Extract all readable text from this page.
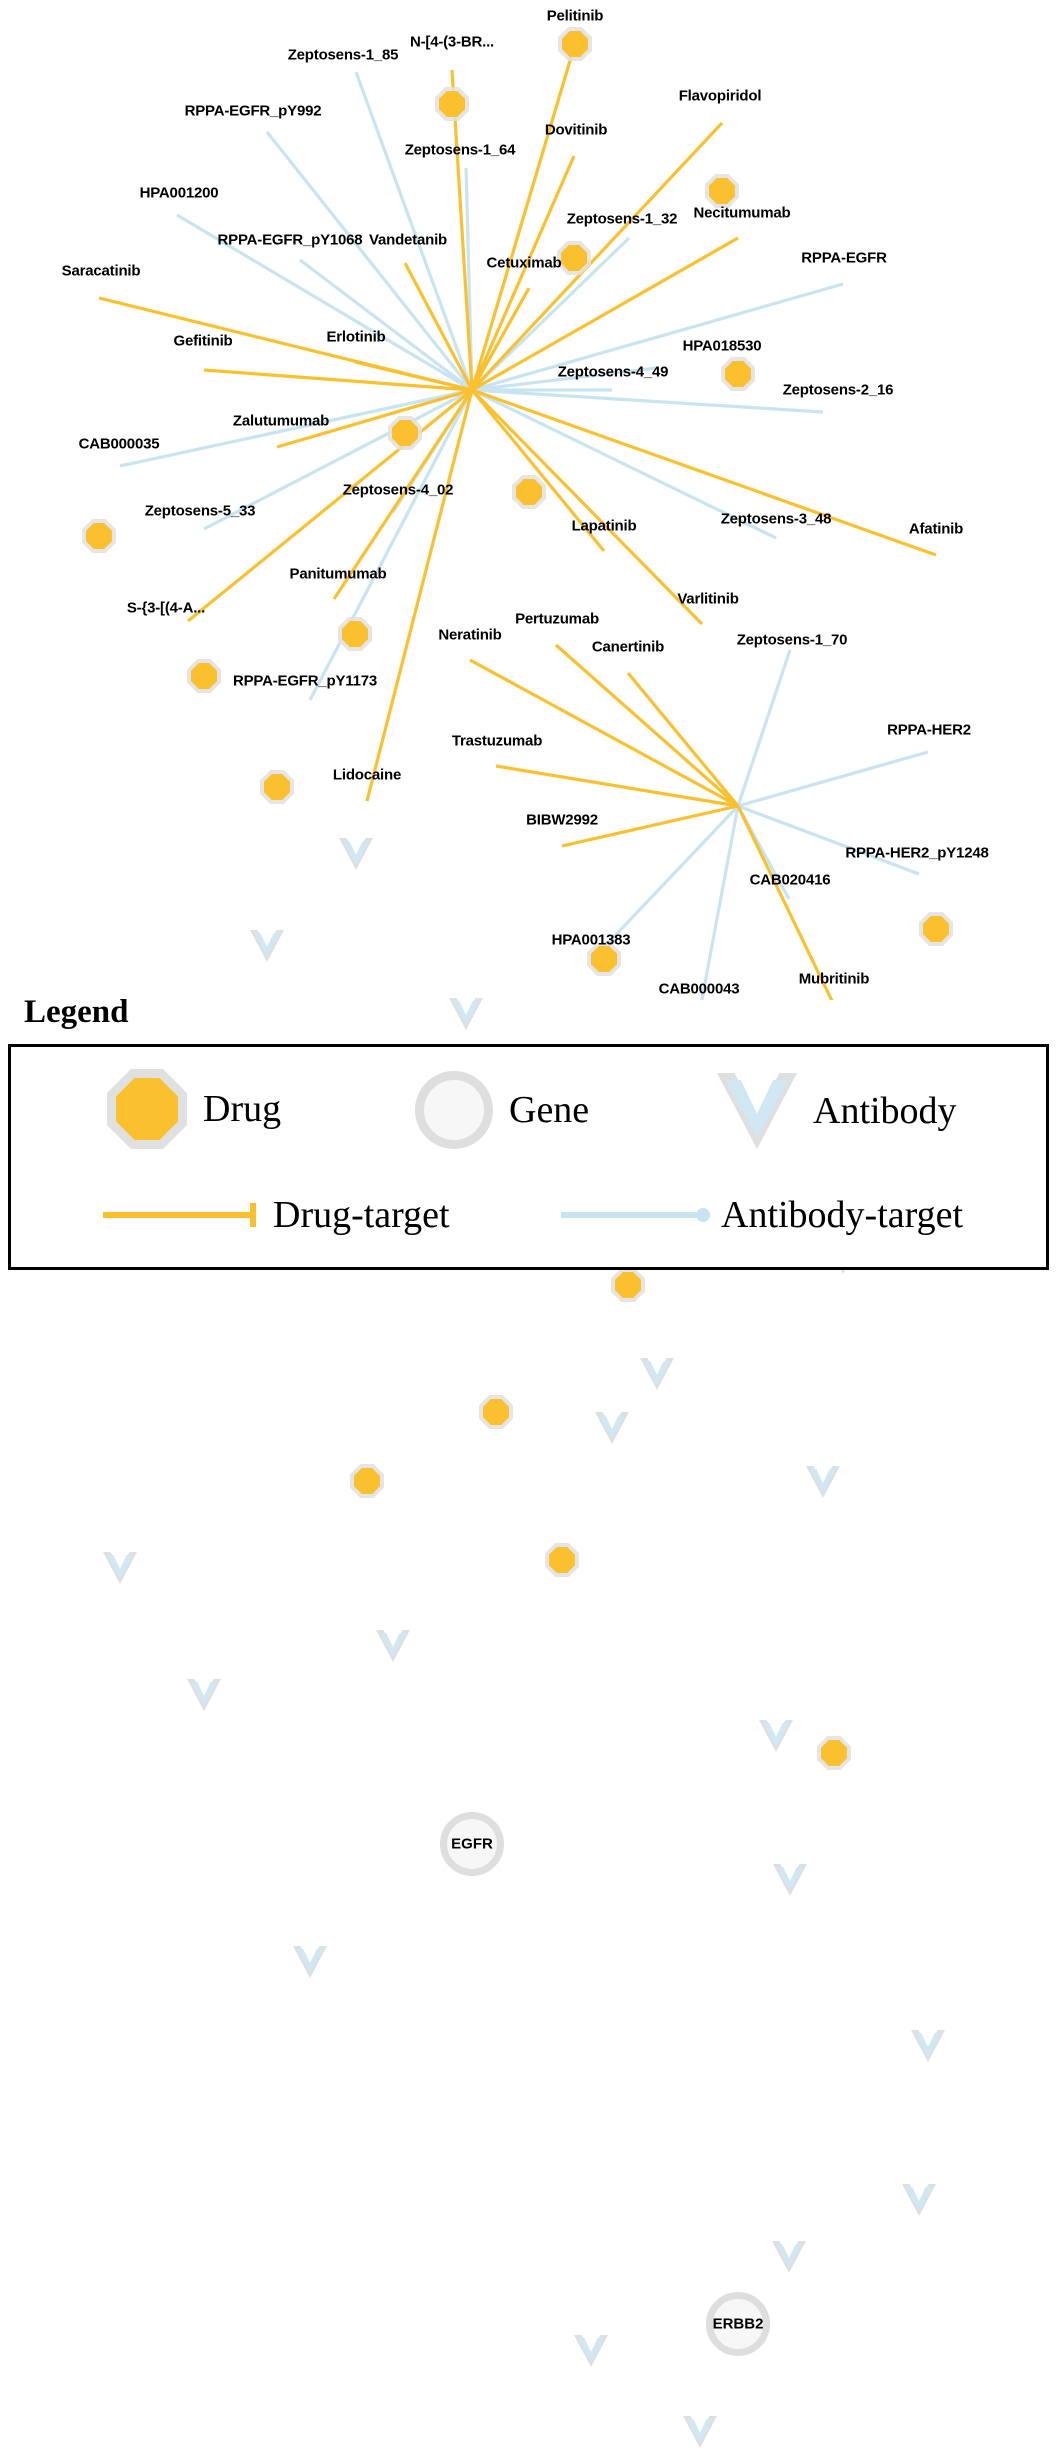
Pelitinib
N-[4-(3-BR...
Flavopiridol
Dovitinib
Necitumumab
Vandetanib
Cetuximab
Saracatinib
Erlotinib
Gefitinib
Zalutumumab
Afatinib
Lapatinib
Varlitinib
Panitumumab
S-{3-[(4-A...
Pertuzumab
Neratinib
Canertinib
Trastuzumab
Lidocaine
BIBW2992
Mubritinib
Zeptosens-1_85
RPPA-EGFR_pY992
Zeptosens-1_64
HPA001200
Zeptosens-1_32
RPPA-EGFR_pY1068
RPPA-EGFR
HPA018530
Zeptosens-4_49
Zeptosens-2_16
CAB000035
Zeptosens-4_02
Zeptosens-5_33	Zeptosens-3_48
Zeptosens-1_70
RPPA-EGFR_pY1173
RPPA-HER2
RPPA-HER2_pY1248
CAB020416
HPA001383
CAB000043
EGFR
ERBB2
Legend
Drug	Gene	Antibody
Drug-target	Antibody-target
